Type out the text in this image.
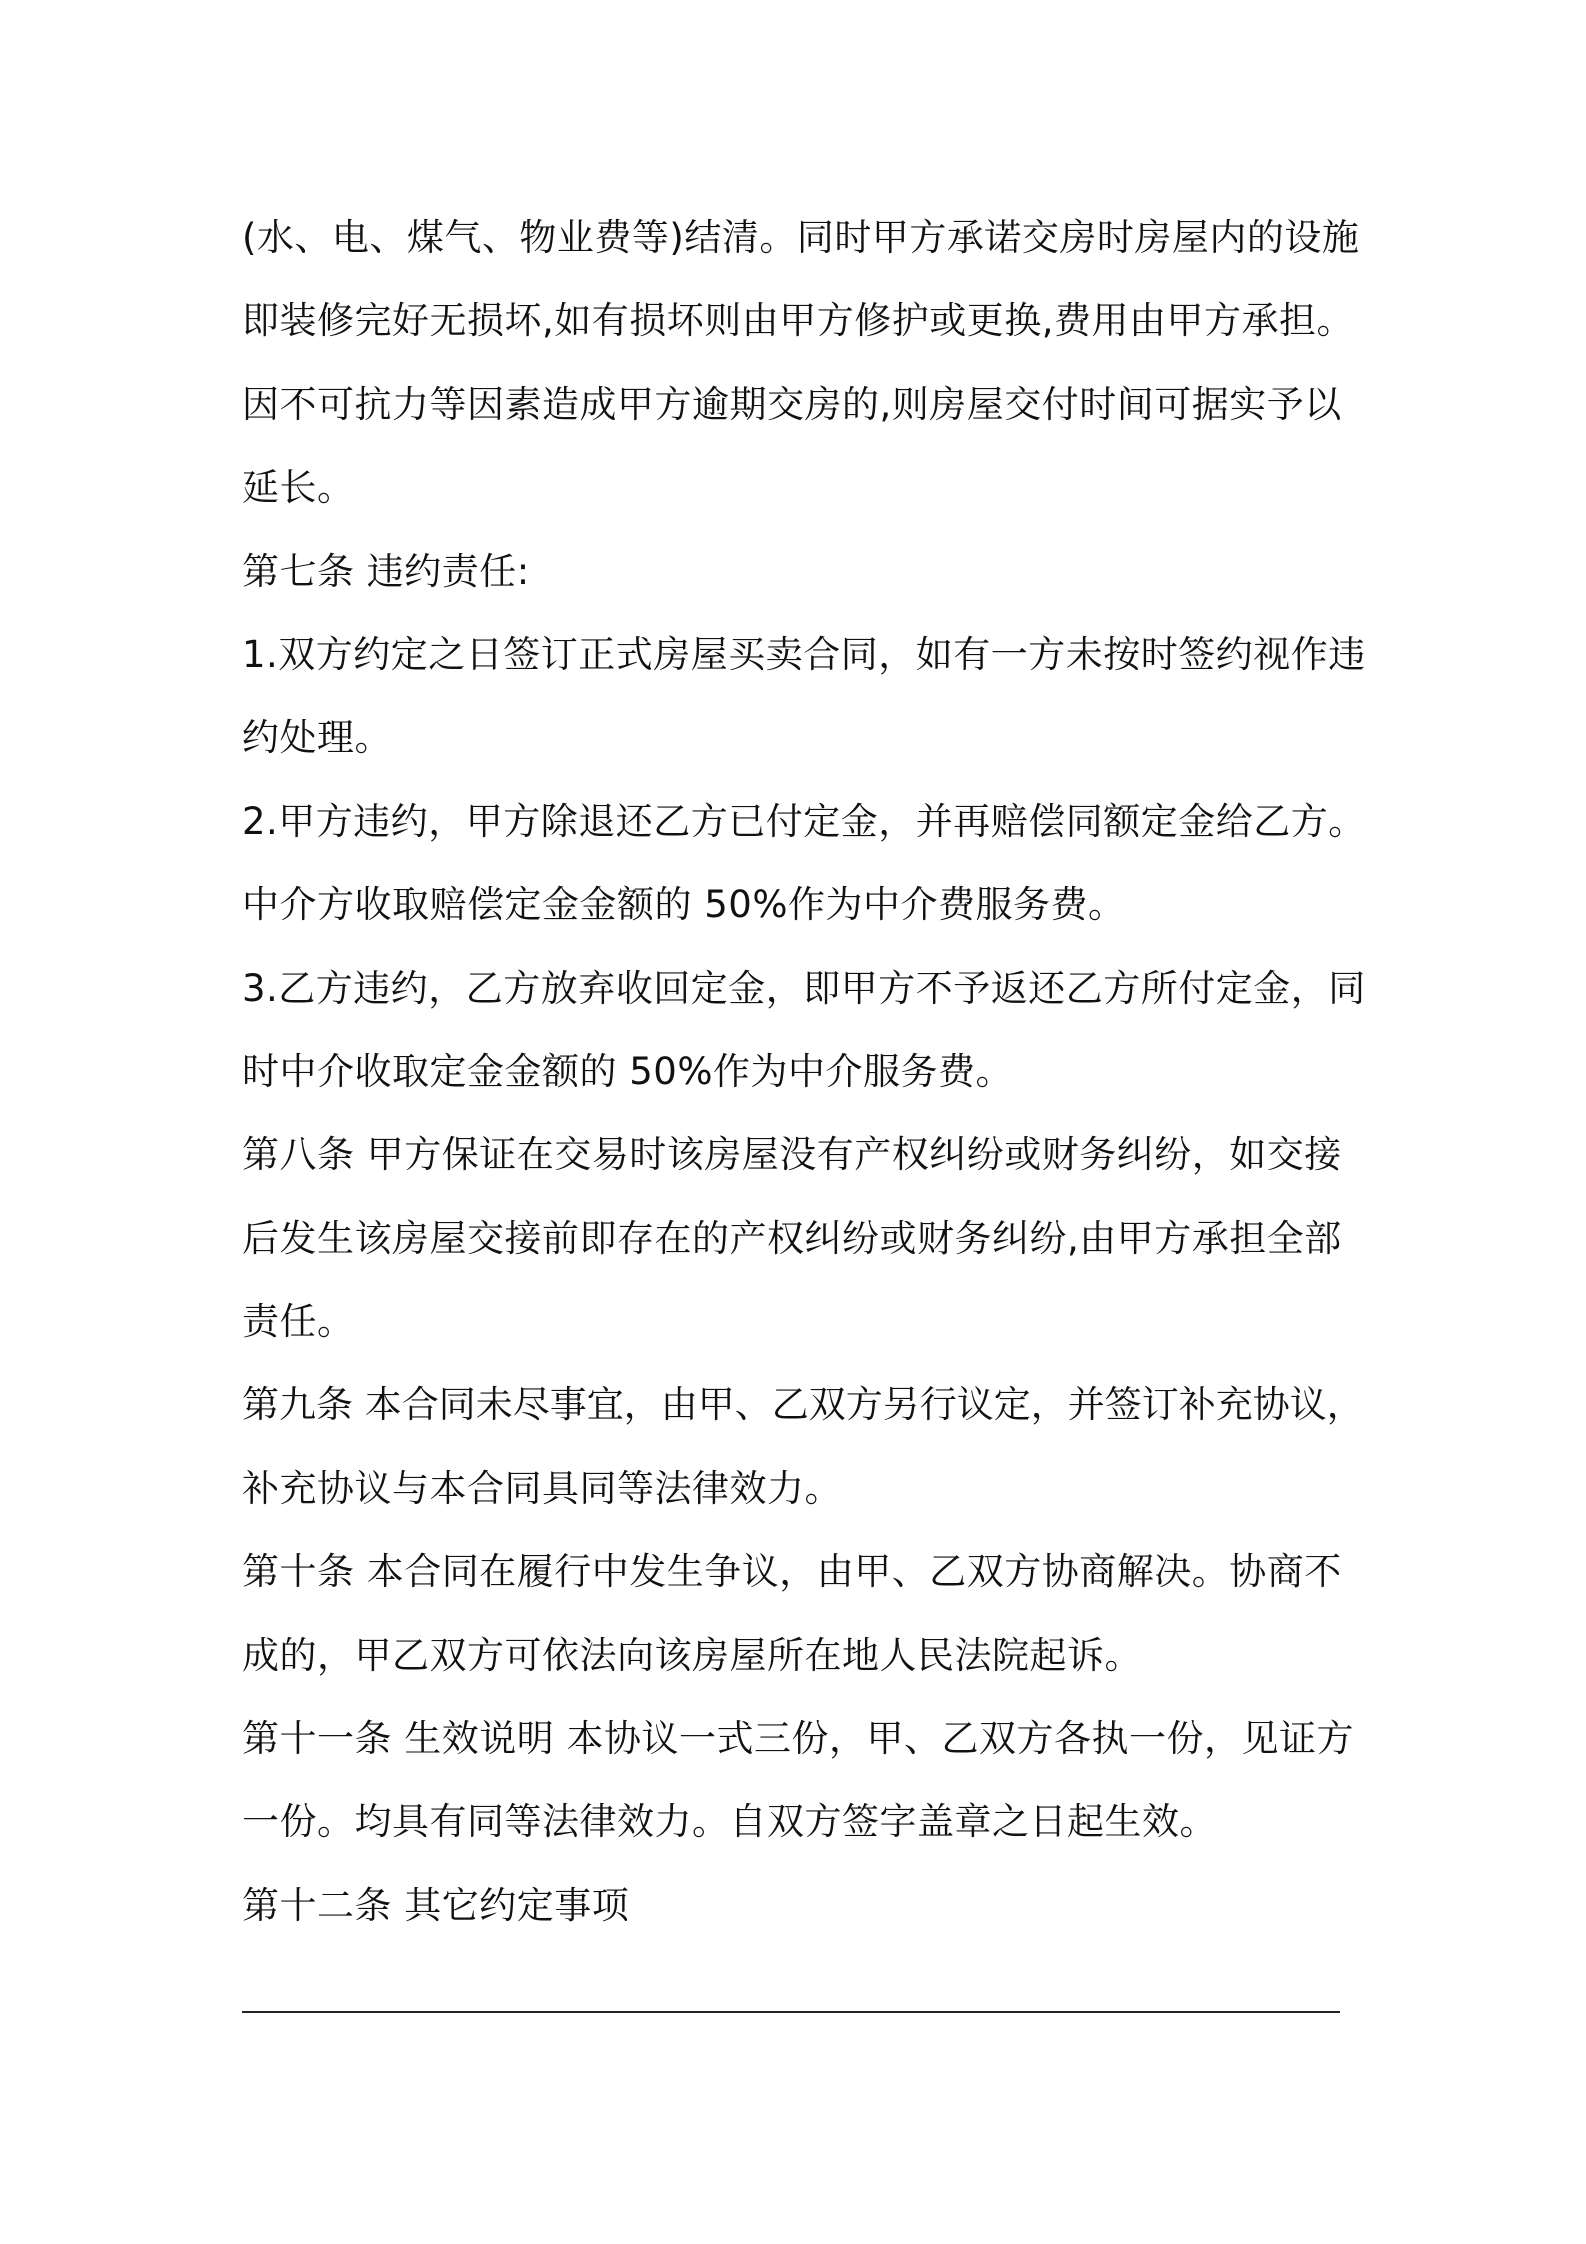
(水、电、煤气、物业费等)结清。同时甲方承诺交房时房屋内的设施
即装修完好无损坏,如有损坏则由甲方修护或更换,费用由甲方承担。
因不可抗力等因素造成甲方逾期交房的,则房屋交付时间可据实予以
延长。
第七条 违约责任:
1.双方约定之日签订正式房屋买卖合同，如有一方未按时签约视作违
约处理。
2.甲方违约，甲方除退还乙方已付定金，并再赔偿同额定金给乙方。
中介方收取赔偿定金金额的 50%作为中介费服务费。
3.乙方违约，乙方放弃收回定金，即甲方不予返还乙方所付定金，同
时中介收取定金金额的 50%作为中介服务费。
第八条 甲方保证在交易时该房屋没有产权纠纷或财务纠纷，如交接
后发生该房屋交接前即存在的产权纠纷或财务纠纷,由甲方承担全部
责任。
第九条 本合同未尽事宜，由甲、乙双方另行议定，并签订补充协议，
补充协议与本合同具同等法律效力。
第十条 本合同在履行中发生争议，由甲、乙双方协商解决。协商不
成的，甲乙双方可依法向该房屋所在地人民法院起诉。
第十一条 生效说明 本协议一式三份，甲、乙双方各执一份，见证方
一份。均具有同等法律效力。自双方签字盖章之日起生效。
第十二条 其它约定事项
